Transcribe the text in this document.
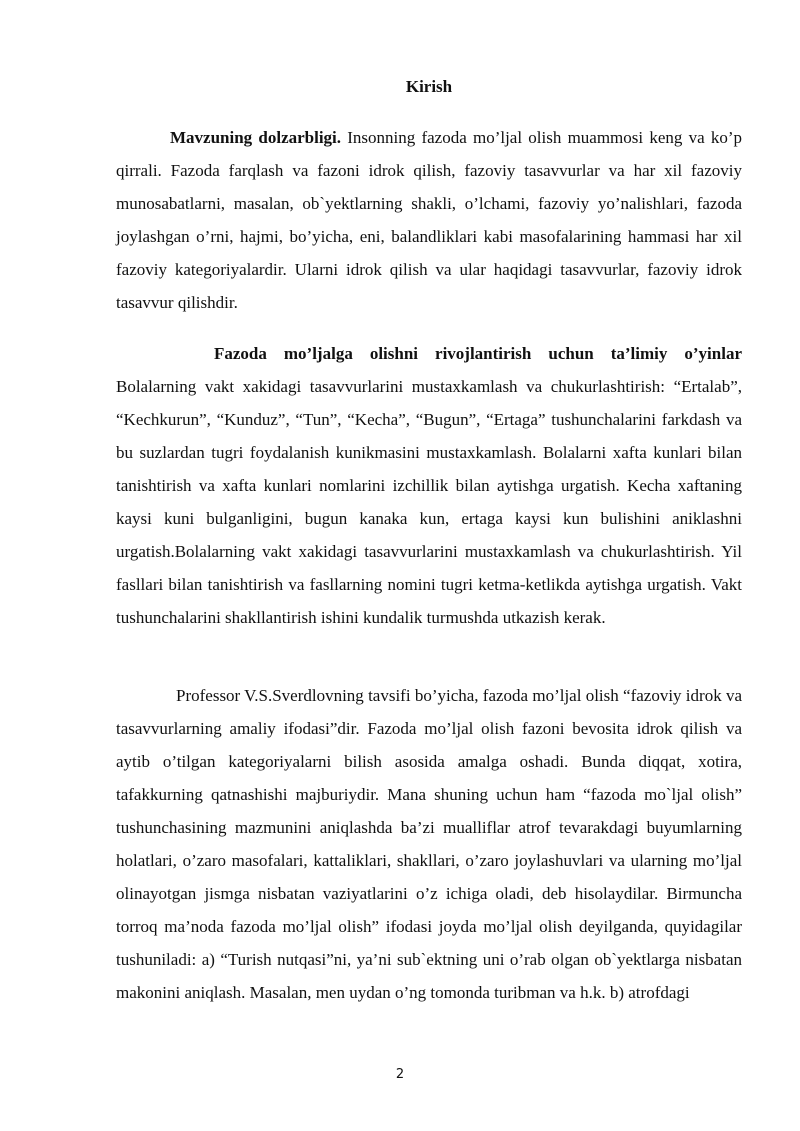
Kirish

Mavzuning dolzarbligi. Insonning fazoda mo’ljal olish muammosi keng va ko’p qirrali. Fazoda farqlash va fazoni idrok qilish, fazoviy tasavvurlar va har xil fazoviy munosabatlarni, masalan, ob`yektlarning shakli, o’lchami, fazoviy yo’nalishlari, fazoda joylashgan o’rni, hajmi, bo’yicha, eni, balandliklari kabi masofalarining hammasi har xil fazoviy kategoriyalardir. Ularni idrok qilish va ular haqidagi tasavvurlar, fazoviy idrok tasavvur qilishdir.

Fazoda mo’ljalga olishni rivojlantirish uchun ta’limiy o’yinlar Bolalarning vakt xakidagi tasavvurlarini mustaxkamlash va chukurlashtirish: “Ertalab”, “Kechkurun”, “Kunduz”, “Tun”, “Kecha”, “Bugun”, “Ertaga” tushunchalarini farkdash va bu suzlardan tugri foydalanish kunikmasini mustaxkamlash. Bolalarni xafta kunlari bilan tanishtirish va xafta kunlari nomlarini izchillik bilan aytishga urgatish. Kecha xaftaning kaysi kuni bulganligini, bugun kanaka kun, ertaga kaysi kun bulishini aniklashni urgatish.Bolalarning vakt xakidagi tasavvurlarini mustaxkamlash va chukurlashtirish. Yil fasllari bilan tanishtirish va fasllarning nomini tugri ketma-ketlikda aytishga urgatish. Vakt tushunchalarini shakllantirish ishini kundalik turmushda utkazish kerak.

Professor V.S.Sverdlovning tavsifi bo’yicha, fazoda mo’ljal olish “fazoviy idrok va tasavvurlarning amaliy ifodasi”dir. Fazoda mo’ljal olish fazoni bevosita idrok qilish va aytib o’tilgan kategoriyalarni bilish asosida amalga oshadi. Bunda diqqat, xotira, tafakkurning qatnashishi majburiydir. Mana shuning uchun ham “fazoda mo`ljal olish” tushunchasining mazmunini aniqlashda ba’zi mualliflar atrof tevarakdagi buyumlarning holatlari, o’zaro masofalari, kattaliklari, shakllari, o’zaro joylashuvlari va ularning mo’ljal olinayotgan jismga nisbatan vaziyatlarini o’z ichiga oladi, deb hisolaydilar. Birmuncha torroq ma’noda fazoda mo’ljal olish” ifodasi joyda mo’ljal olish deyilganda, quyidagilar tushuniladi: a) “Turish nutqasi”ni, ya’ni sub`ektning uni o’rab olgan ob`yektlarga nisbatan makonini aniqlash. Masalan, men uydan o’ng tomonda turibman va h.k. b) atrofdagi

2
